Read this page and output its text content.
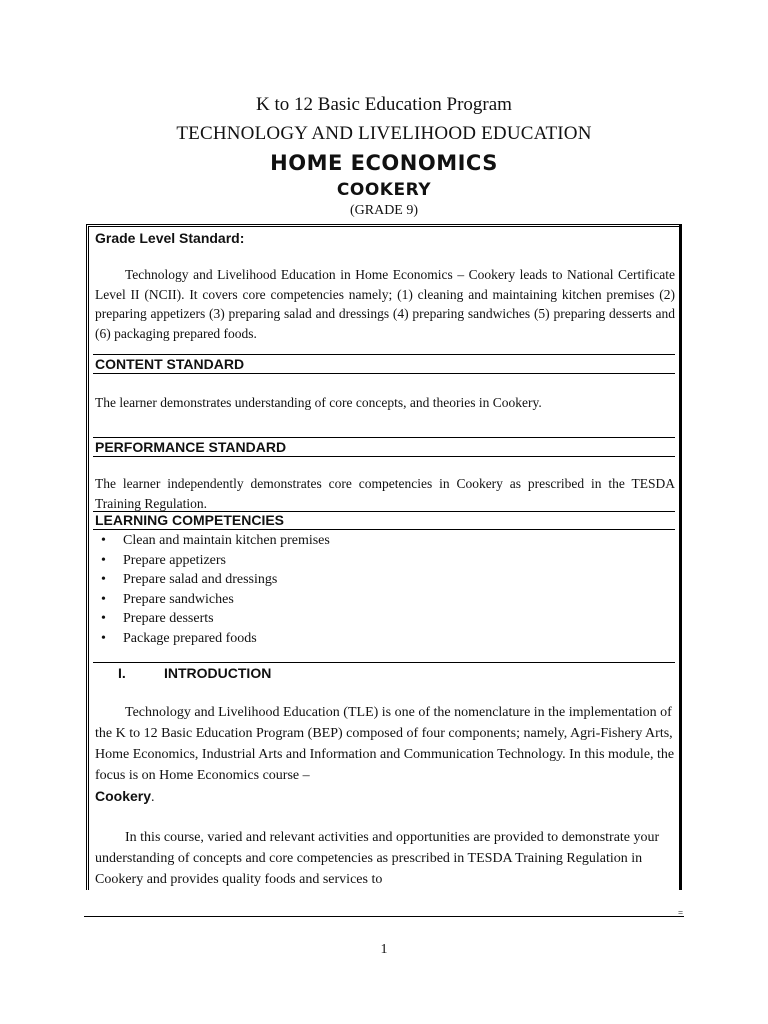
K to 12 Basic Education Program
TECHNOLOGY AND LIVELIHOOD EDUCATION
HOME ECONOMICS
COOKERY
(GRADE 9)
Grade Level Standard:
Technology and Livelihood Education in Home Economics – Cookery leads to National Certificate Level II (NCII). It covers core competencies namely; (1) cleaning and maintaining kitchen premises (2) preparing appetizers (3) preparing salad and dressings (4) preparing sandwiches (5) preparing desserts and (6) packaging prepared foods.
CONTENT STANDARD
The learner demonstrates understanding of core concepts, and theories in Cookery.
PERFORMANCE STANDARD
The learner independently demonstrates core competencies in Cookery as prescribed in the TESDA Training Regulation.
LEARNING COMPETENCIES
• Clean and maintain kitchen premises
• Prepare appetizers
• Prepare salad and dressings
• Prepare sandwiches
• Prepare desserts
• Package prepared foods
I.	INTRODUCTION
Technology and Livelihood Education (TLE) is one of the nomenclature in the implementation of the K to 12 Basic Education Program (BEP) composed of four components; namely, Agri-Fishery Arts, Home Economics, Industrial Arts and Information and Communication Technology. In this module, the focus is on Home Economics course –
Cookery.
In this course, varied and relevant activities and opportunities are provided to demonstrate your understanding of concepts and core competencies as prescribed in TESDA Training Regulation in Cookery and provides quality foods and services to
=
1
